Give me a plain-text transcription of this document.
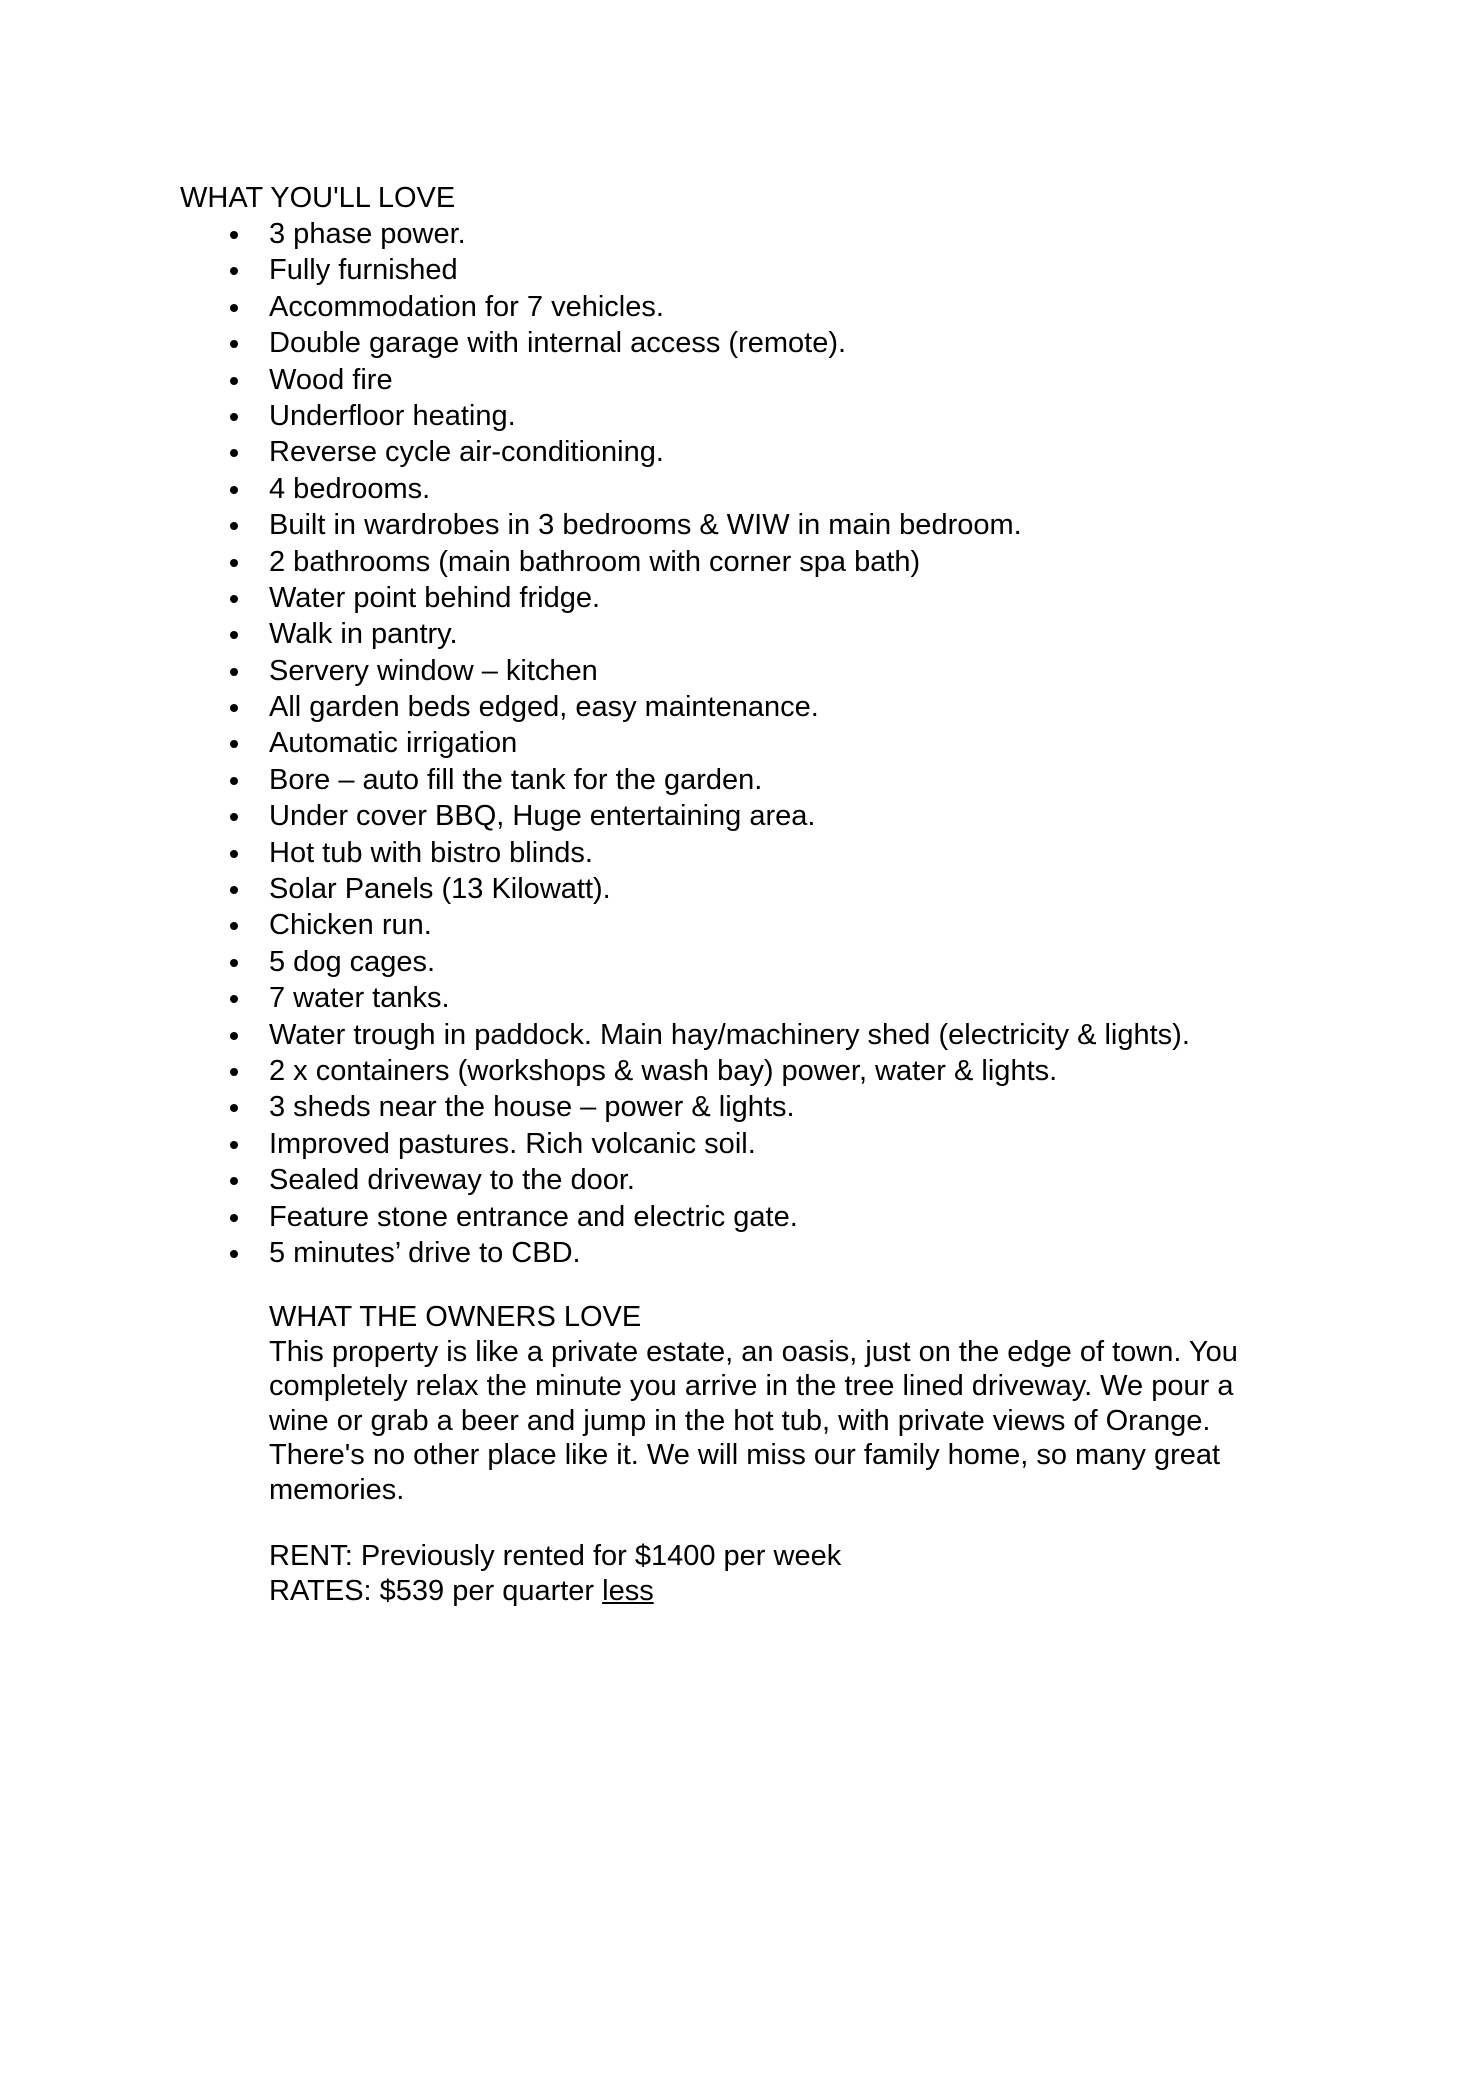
WHAT YOU'LL LOVE
3 phase power.
Fully furnished
Accommodation for 7 vehicles.
Double garage with internal access (remote).
Wood fire
Underfloor heating.
Reverse cycle air-conditioning.
4 bedrooms.
Built in wardrobes in 3 bedrooms & WIW in main bedroom.
2 bathrooms (main bathroom with corner spa bath)
Water point behind fridge.
Walk in pantry.
Servery window – kitchen
All garden beds edged, easy maintenance.
Automatic irrigation
Bore – auto fill the tank for the garden.
Under cover BBQ, Huge entertaining area.
Hot tub with bistro blinds.
Solar Panels (13 Kilowatt).
Chicken run.
5 dog cages.
7 water tanks.
Water trough in paddock. Main hay/machinery shed (electricity & lights).
2 x containers (workshops & wash bay) power, water & lights.
3 sheds near the house – power & lights.
Improved pastures. Rich volcanic soil.
Sealed driveway to the door.
Feature stone entrance and electric gate.
5 minutes’ drive to CBD.
WHAT THE OWNERS LOVE

This property is like a private estate, an oasis, just on the edge of town. You completely relax the minute you arrive in the tree lined driveway. We pour a wine or grab a beer and jump in the hot tub, with private views of Orange. There's no other place like it. We will miss our family home, so many great memories.

RENT: Previously rented for $1400 per week
RATES: $539 per quarter less
